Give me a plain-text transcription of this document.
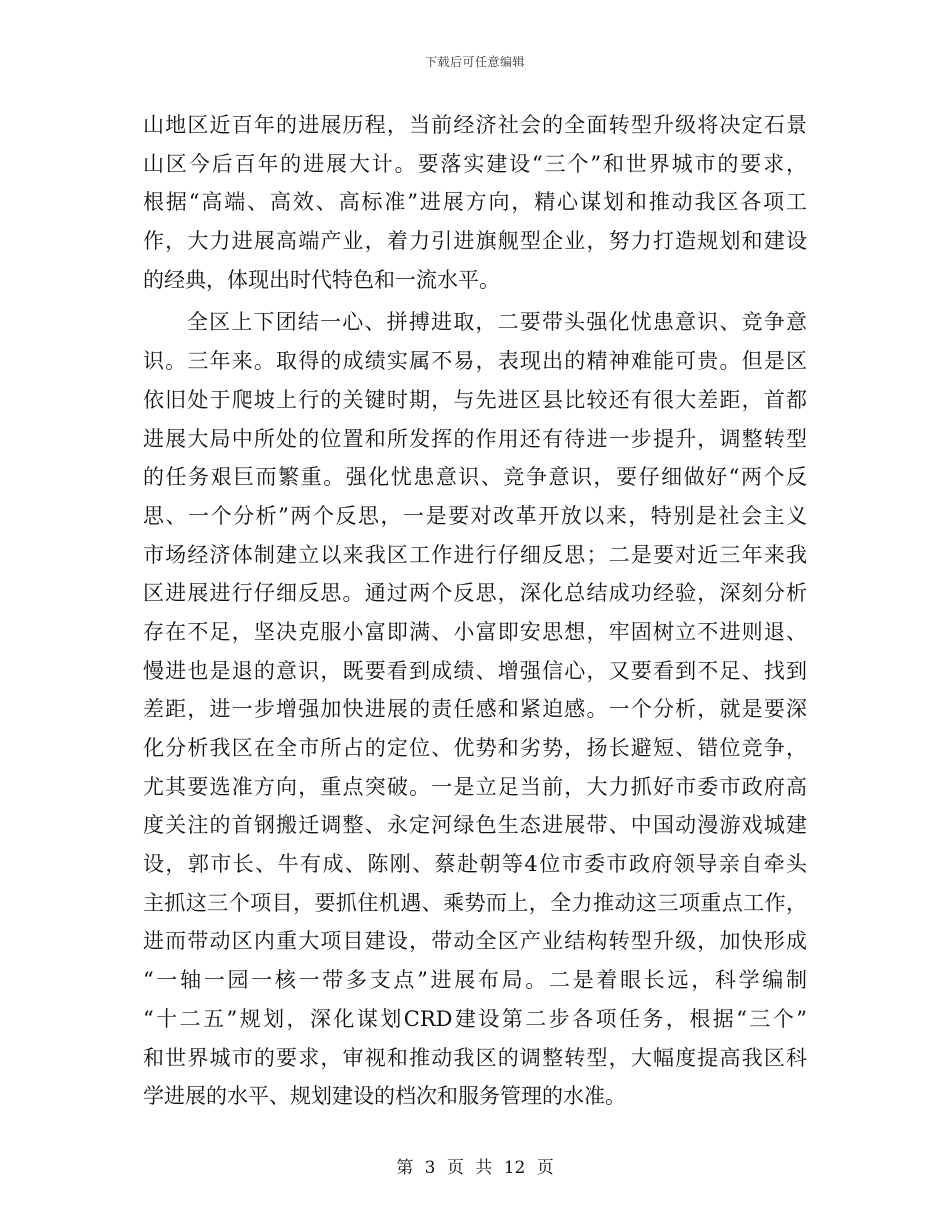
下载后可任意编辑
山地区近百年的进展历程，当前经济社会的全面转型升级将决定石景
山区今后百年的进展大计。要落实建设“三个”和世界城市的要求，
根据“高端、高效、高标准”进展方向，精心谋划和推动我区各项工
作，大力进展高端产业，着力引进旗舰型企业，努力打造规划和建设
的经典，体现出时代特色和一流水平。
全区上下团结一心、拼搏进取，二要带头强化忧患意识、竞争意
识。三年来。取得的成绩实属不易，表现出的精神难能可贵。但是区
依旧处于爬坡上行的关键时期，与先进区县比较还有很大差距，首都
进展大局中所处的位置和所发挥的作用还有待进一步提升，调整转型
的任务艰巨而繁重。强化忧患意识、竞争意识，要仔细做好“两个反
思、一个分析”两个反思，一是要对改革开放以来，特别是社会主义
市场经济体制建立以来我区工作进行仔细反思；二是要对近三年来我
区进展进行仔细反思。通过两个反思，深化总结成功经验，深刻分析
存在不足，坚决克服小富即满、小富即安思想，牢固树立不进则退、
慢进也是退的意识，既要看到成绩、增强信心，又要看到不足、找到
差距，进一步增强加快进展的责任感和紧迫感。一个分析，就是要深
化分析我区在全市所占的定位、优势和劣势，扬长避短、错位竞争，
尤其要选准方向，重点突破。一是立足当前，大力抓好市委市政府高
度关注的首钢搬迁调整、永定河绿色生态进展带、中国动漫游戏城建
设，郭市长、牛有成、陈刚、蔡赴朝等4位市委市政府领导亲自牵头
主抓这三个项目，要抓住机遇、乘势而上，全力推动这三项重点工作，
进而带动区内重大项目建设，带动全区产业结构转型升级，加快形成
“一轴一园一核一带多支点”进展布局。二是着眼长远，科学编制
“十二五”规划，深化谋划CRD建设第二步各项任务，根据“三个”
和世界城市的要求，审视和推动我区的调整转型，大幅度提高我区科
学进展的水平、规划建设的档次和服务管理的水准。
第 3 页 共 12 页
